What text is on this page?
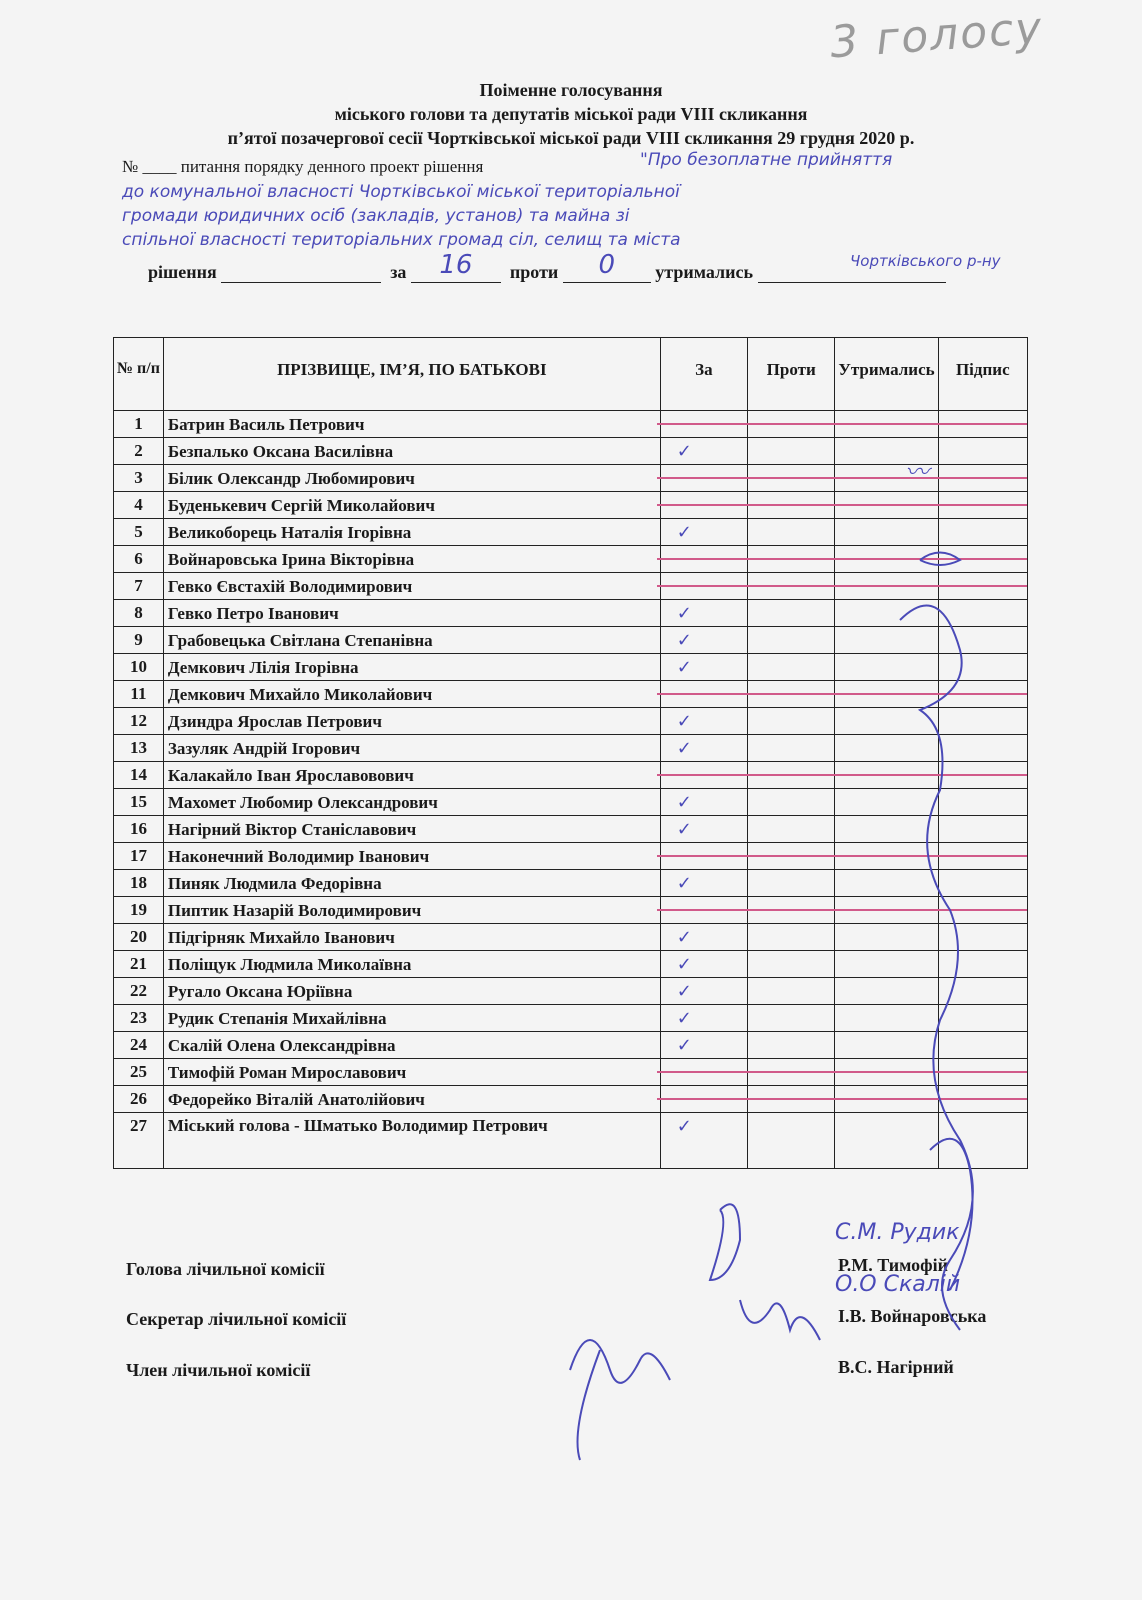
3 голосу
Поіменне голосування
міського голови та депутатів міської ради VIII скликання
п’ятої позачергової сесії Чортківської міської ради VIII скликання 29 грудня 2020 р.
№ ____ питання порядку денного проект рішення	"Про безоплатне прийняття
до комунальної власності Чортківської міської територіальної
громади юридичних осіб (закладів, установ) та майна зі
спільної власності територіальних громад сіл, селищ та міста
Чортківського р-ну
рішення	за	16	проти	0	утримались
№ п/п	ПРІЗВИЩЕ, ІМ’Я, ПО БАТЬКОВІ	За	Проти	Утримались	Підпис
1	Батрин Василь Петрович	

2	Безпалько Оксана Василівна	✓			
3	Білик Олександр Любомирович	

4	Буденькевич Сергій Миколайович	

5	Великоборець Наталія Ігорівна	✓			
6	Войнаровська Ірина Вікторівна	

7	Гевко Євстахій Володимирович	

8	Гевко Петро Іванович	✓			
9	Грабовецька Світлана Степанівна	✓			
10	Демкович Лілія Ігорівна	✓			
11	Демкович Михайло Миколайович	

12	Дзиндра Ярослав Петрович	✓			
13	Зазуляк Андрій Ігорович	✓			
14	Калакайло Іван Ярославовович	

15	Махомет Любомир Олександрович	✓			
16	Нагірний Віктор Станіславович	✓			
17	Наконечний Володимир Іванович	

18	Пиняк Людмила Федорівна	✓			
19	Пиптик Назарій Володимирович	

20	Підгірняк Михайло Іванович	✓			
21	Поліщук Людмила Миколаївна	✓			
22	Ругало Оксана Юріївна	✓			
23	Рудик Степанія Михайлівна	✓			
24	Скалій Олена Олександрівна	✓			
25	Тимофій Роман Мирославович	

26	Федорейко Віталій Анатолійович	

27	Міський голова - Шматько Володимир Петрович	✓			
〰
Голова лічильної комісії	Р.М. Тимофій
Секретар лічильної комісії	І.В. Войнаровська
Член лічильної комісії	В.С. Нагірний
С.М. Рудик
О.О Скалій
